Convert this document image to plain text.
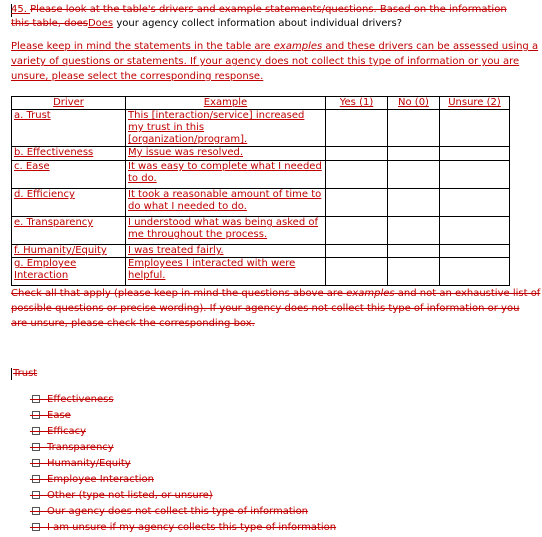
45. Please look at the table's drivers and example statements/questions. Based on the information
this table, doesDoes your agency collect information about individual drivers?
Please keep in mind the statements in the table are examples and these drivers can be assessed using a
variety of questions or statements. If your agency does not collect this type of information or you are
unsure, please select the corresponding response.
Driver	Example	Yes (1)	No (0)	Unsure (2)
a. Trust	This [interaction/service] increased my trust in this [organization/program].			
b. Effectiveness	My issue was resolved.			
c. Ease	It was easy to complete what I needed to do.			
d. Efficiency	It took a reasonable amount of time to do what I needed to do.			
e. Transparency	I understood what was being asked of me throughout the process.			
f. Humanity/Equity	I was treated fairly.			
g. Employee Interaction	Employees I interacted with were helpful.			
Check all that apply (please keep in mind the questions above are examples and not an exhaustive list of
possible questions or precise wording). If your agency does not collect this type of information or you
are unsure, please check the corresponding box.
Trust
Effectiveness
Ease
Efficacy
Transparency
Humanity/Equity
Employee Interaction
Other (type not listed, or unsure)
Our agency does not collect this type of information
I am unsure if my agency collects this type of information
